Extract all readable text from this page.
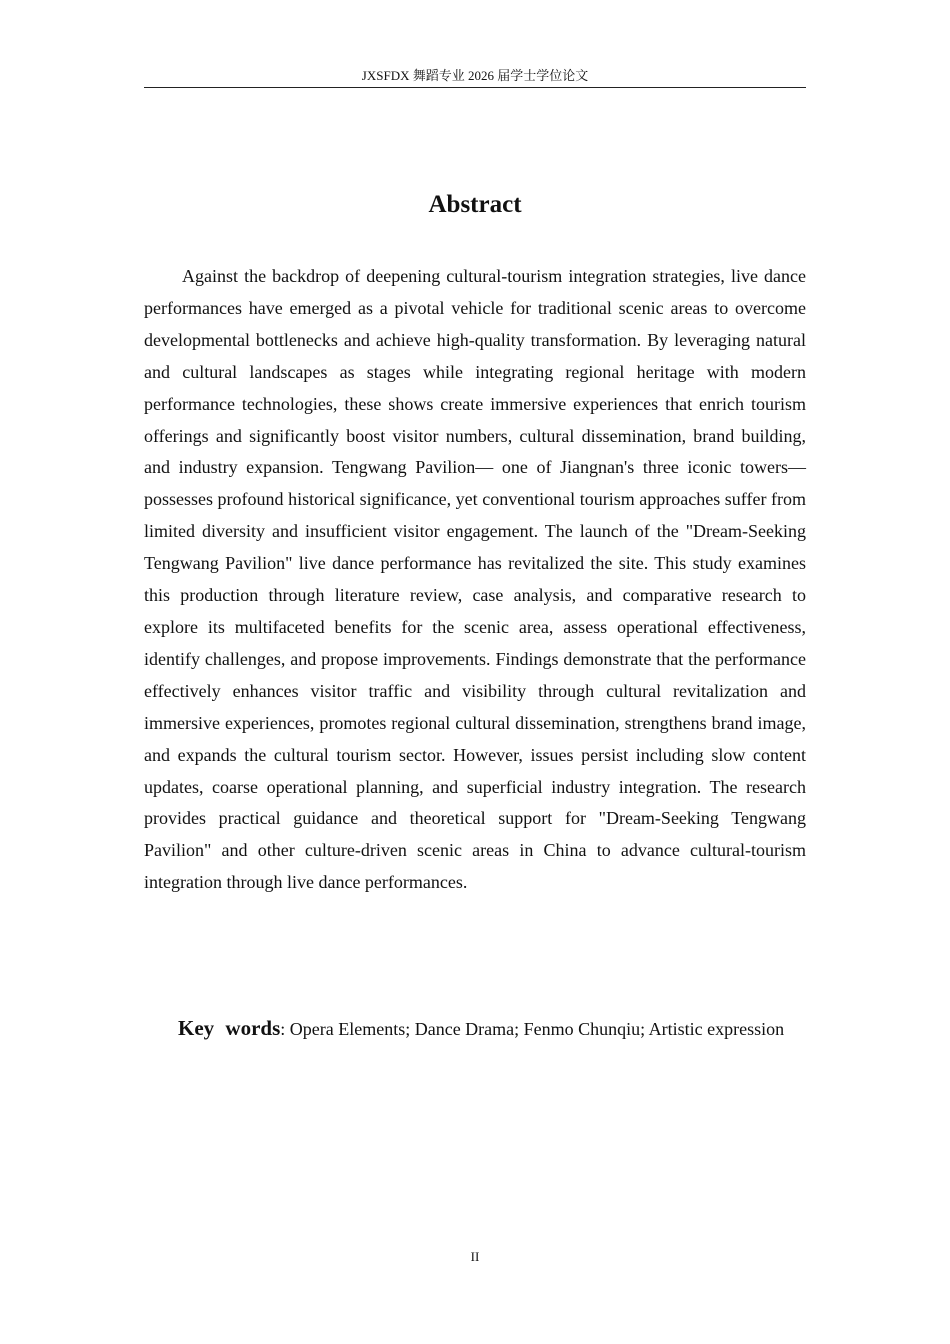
JXSFDX 舞蹈专业 2026 届学士学位论文
Abstract

Against the backdrop of deepening cultural-tourism integration strategies, live dance performances have emerged as a pivotal vehicle for traditional scenic areas to overcome developmental bottlenecks and achieve high-quality transformation. By leveraging natural and cultural landscapes as stages while integrating regional heritage with modern performance technologies, these shows create immersive experiences that enrich tourism offerings and significantly boost visitor numbers, cultural dissemination, brand building, and industry expansion. Tengwang Pavilion— one of Jiangnan's three iconic towers— possesses profound historical significance, yet conventional tourism approaches suffer from limited diversity and insufficient visitor engagement. The launch of the "Dream-Seeking Tengwang Pavilion" live dance performance has revitalized the site. This study examines this production through literature review, case analysis, and comparative research to explore its multifaceted benefits for the scenic area, assess operational effectiveness, identify challenges, and propose improvements. Findings demonstrate that the performance effectively enhances visitor traffic and visibility through cultural revitalization and immersive experiences, promotes regional cultural dissemination, strengthens brand image, and expands the cultural tourism sector. However, issues persist including slow content updates, coarse operational planning, and superficial industry integration. The research provides practical guidance and theoretical support for "Dream-Seeking Tengwang Pavilion" and other culture-driven scenic areas in China to advance cultural-tourism integration through live dance performances.

Key words: Opera Elements; Dance Drama; Fenmo Chunqiu; Artistic expression

II
